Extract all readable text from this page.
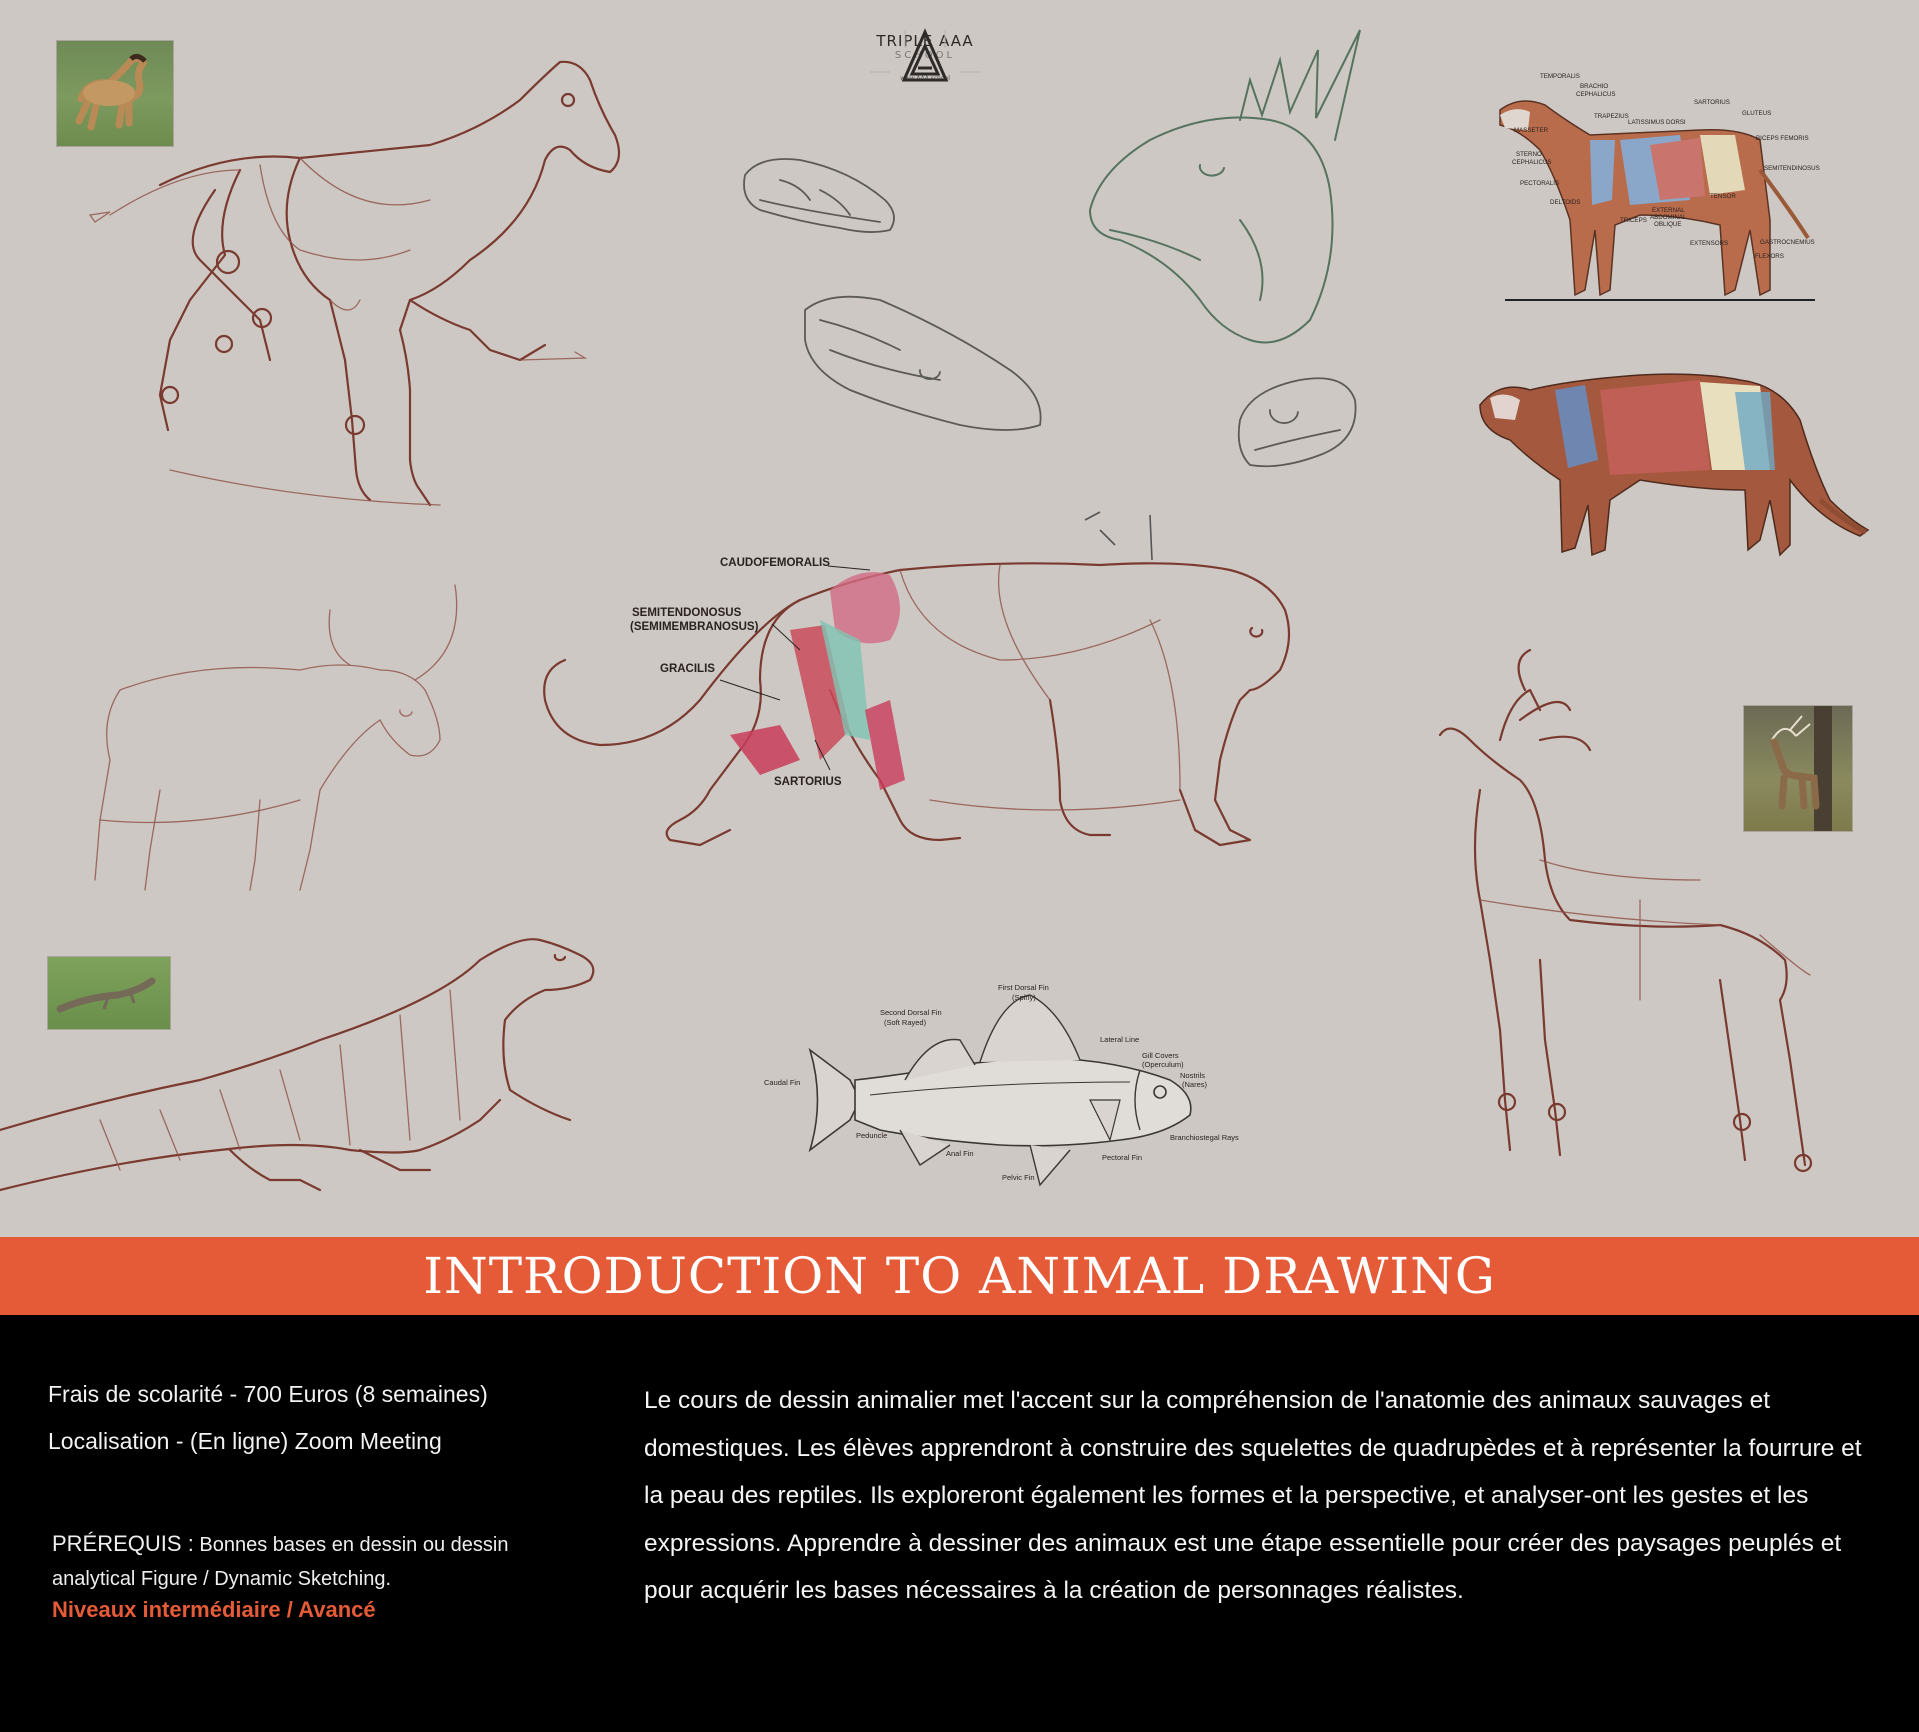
TRIPLE AAA
SCHOOL
www.AAA.school	TEMPORALIS
BRACHIO
CEPHALICUS
TRAPEZIUS
LATISSIMUS DORSI
SARTORIUS
GLUTEUS
BICEPS FEMORIS
SEMITENDINOSUS
MASSETER
STERNO
CEPHALICUS
PECTORALIS
DELTOIDS
TRICEPS
EXTERNAL
ABDOMINAL
OBLIQUE
TENSOR
EXTENSORS
FLEXORS
GASTROCNEMIUS
CAUDOFEMORALIS
SEMITENDONOSUS
(SEMIMEMBRANOSUS)
GRACILIS
SARTORIUS
First Dorsal Fin
(Spiny)
Second Dorsal Fin
(Soft Rayed)
Lateral Line
Gill Covers
(Operculum)
Nostrils
(Nares)
Caudal Fin
Peduncle
Anal Fin
Pelvic Fin
Pectoral Fin
Branchiostegal Rays
INTRODUCTION TO ANIMAL DRAWING
Frais de scolarité - 700 Euros (8 semaines)
Localisation - (En ligne) Zoom Meeting
PRÉREQUIS : Bonnes bases en dessin ou dessin analytical Figure / Dynamic Sketching.
Niveaux intermédiaire / Avancé
Le cours de dessin animalier met l'accent sur la compréhension de l'anatomie des animaux sauvages et domestiques. Les élèves apprendront à construire des squelettes de quadrupèdes et à représenter la fourrure et la peau des reptiles. Ils exploreront également les formes et la perspective, et analyser-ont les gestes et les expressions. Apprendre à dessiner des animaux est une étape essentielle pour créer des paysages peuplés et pour acquérir les bases nécessaires à la création de personnages réalistes.
